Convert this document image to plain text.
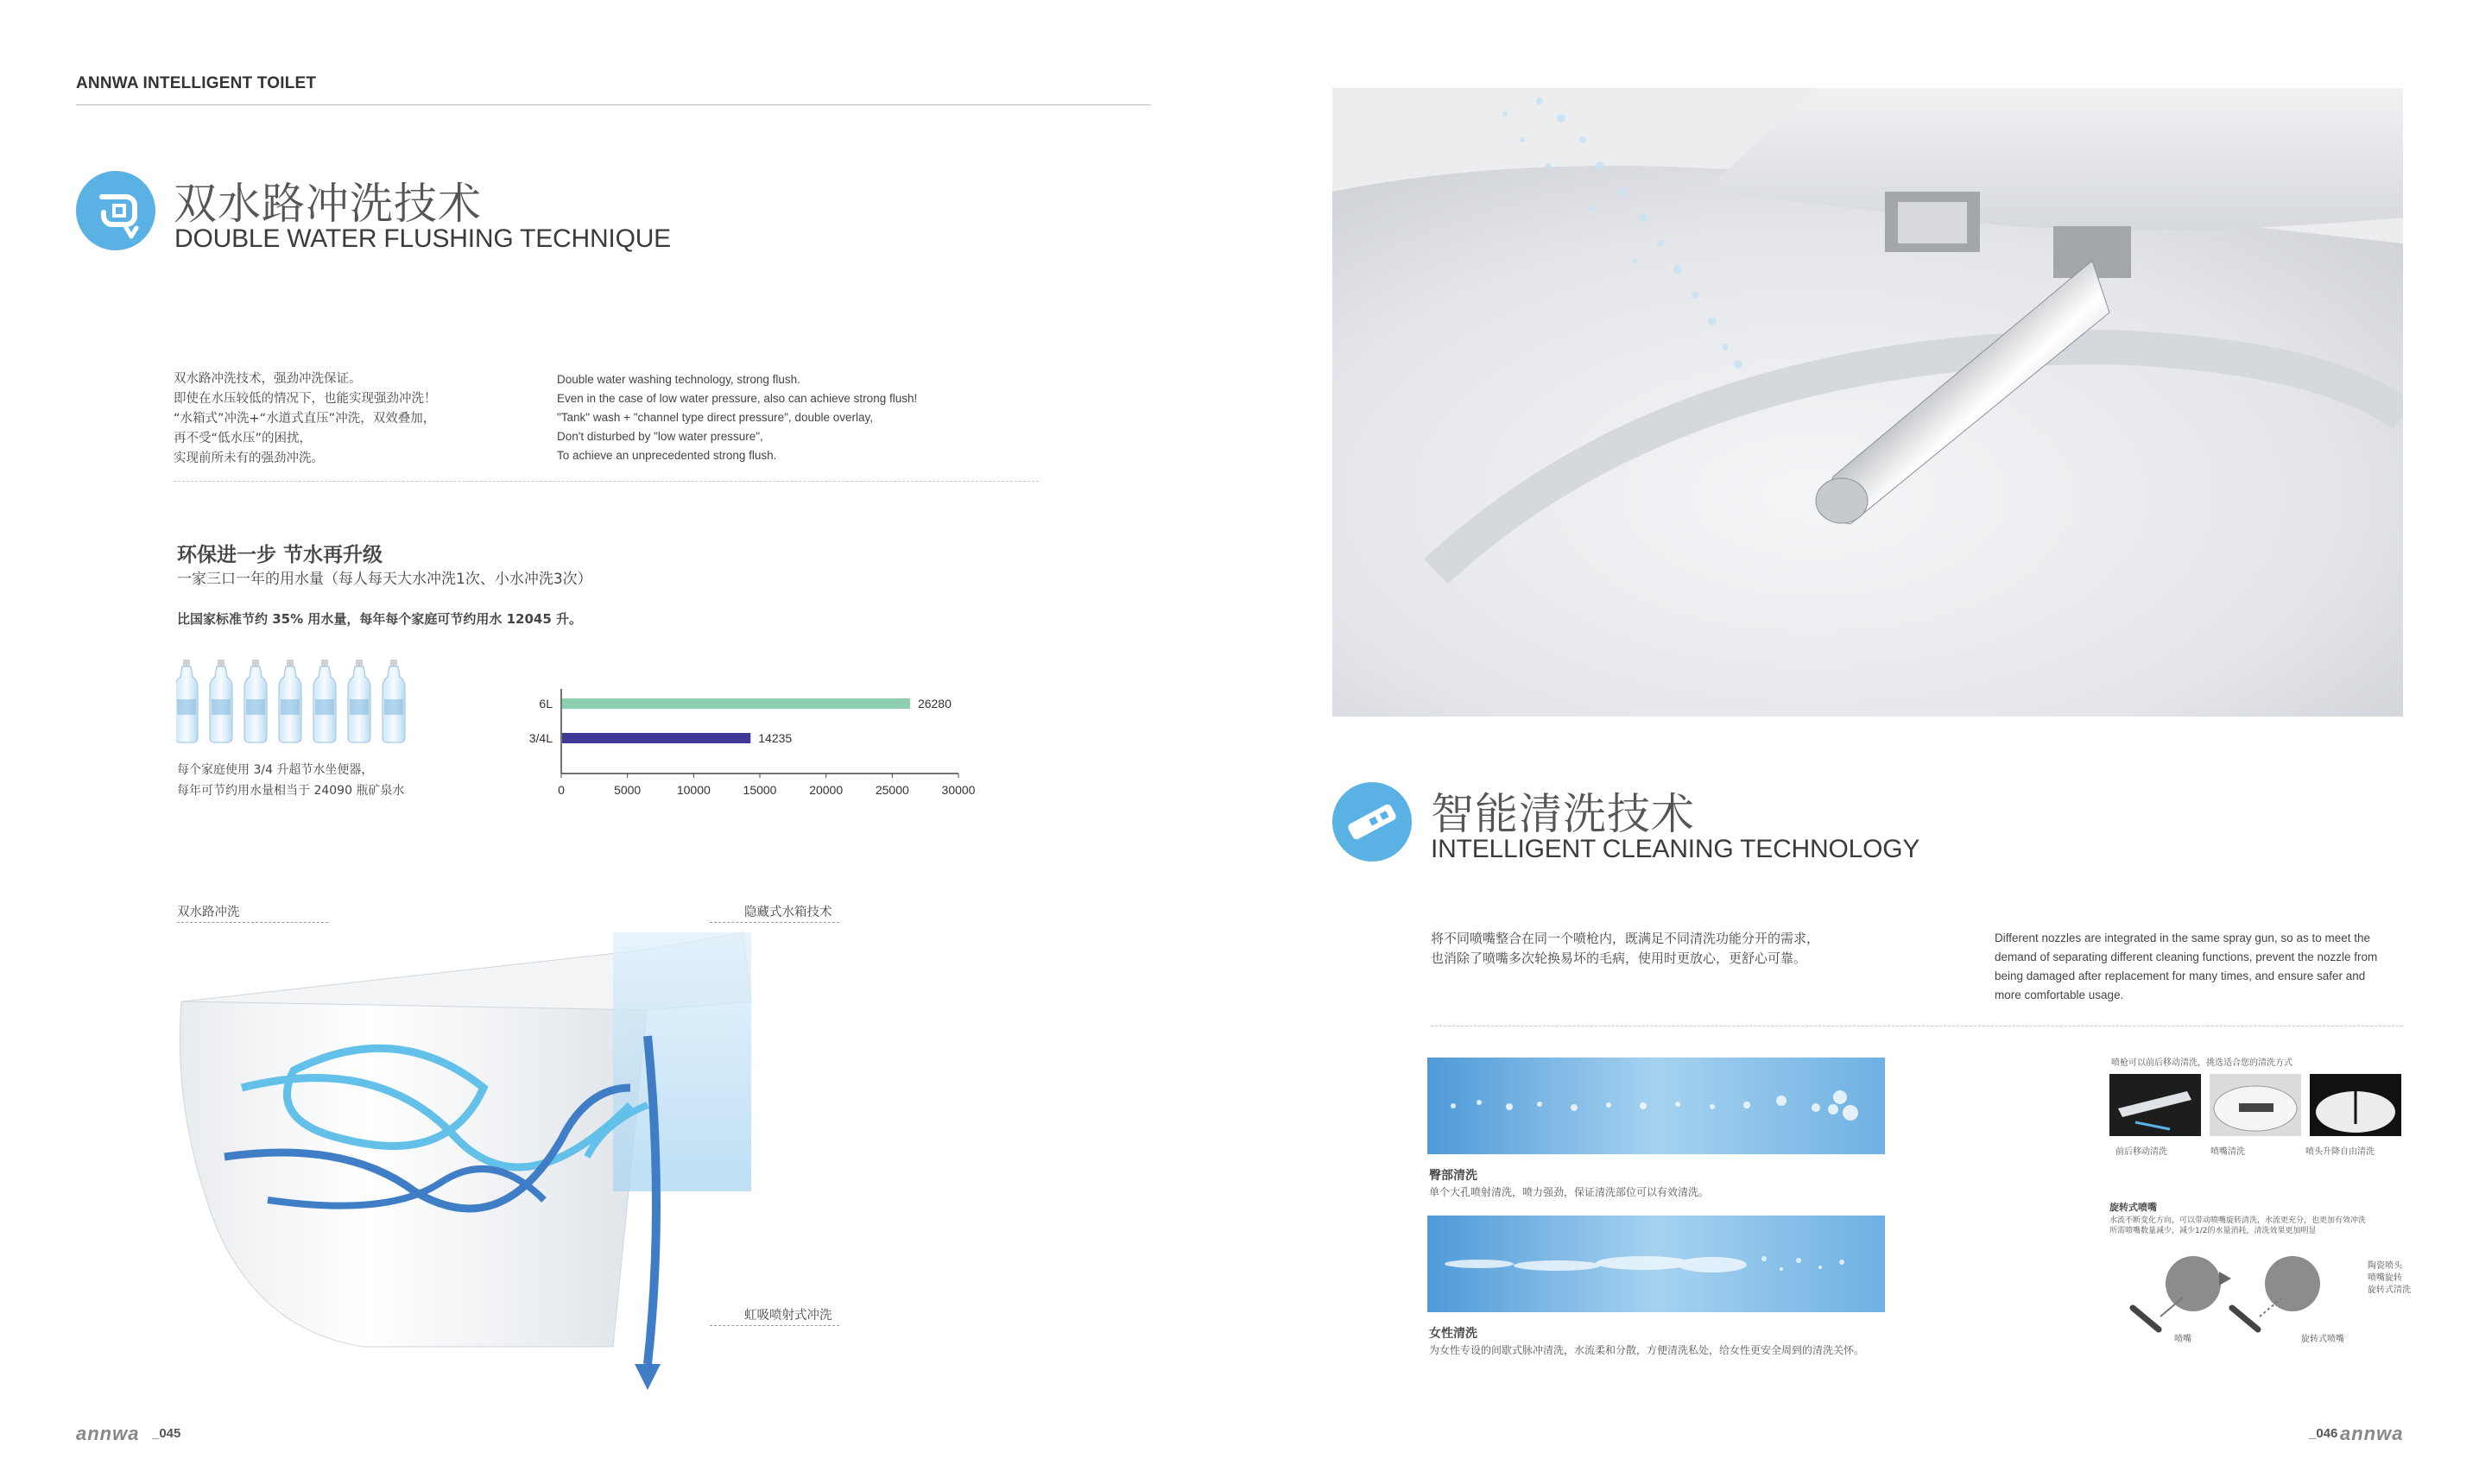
ANNWA INTELLIGENT TOILET
双水路冲洗技术
DOUBLE WATER FLUSHING TECHNIQUE
双水路冲洗技术，强劲冲洗保证。
即使在水压较低的情况下，也能实现强劲冲洗！
“水箱式”冲洗+“水道式直压”冲洗，双效叠加，
再不受“低水压”的困扰，
实现前所未有的强劲冲洗。
Double water washing technology, strong flush.
Even in the case of low water pressure, also can achieve strong flush!
"Tank" wash + "channel type direct pressure", double overlay,
Don't disturbed by "low water pressure",
To achieve an unprecedented strong flush.
环保进一步 节水再升级
一家三口一年的用水量（每人每天大水冲洗1次、小水冲洗3次）
比国家标准节约 35% 用水量，每年每个家庭可节约用水 12045 升。
每个家庭使用 3/4 升超节水坐便器，
每年可节约用水量相当于 24090 瓶矿泉水
6L	26280
3/4L	14235
0	5000	10000	15000	20000	25000	30000
双水路冲洗	隐藏式水箱技术
虹吸喷射式冲洗
annwa _045
智能清洗技术
INTELLIGENT CLEANING TECHNOLOGY
将不同喷嘴整合在同一个喷枪内，既满足不同清洗功能分开的需求，
也消除了喷嘴多次轮换易坏的毛病，使用时更放心，更舒心可靠。
Different nozzles are integrated in the same spray gun, so as to meet the
demand of separating different cleaning functions, prevent the nozzle from
being damaged after replacement for many times, and ensure safer and
more comfortable usage.
臀部清洗
单个大孔喷射清洗，喷力强劲，保证清洗部位可以有效清洗。
女性清洗
为女性专设的间歇式脉冲清洗，水流柔和分散，方便清洗私处，给女性更安全周到的清洗关怀。
喷枪可以前后移动清洗，挑选适合您的清洗方式
前后移动清洗	喷嘴清洗	喷头升降自由清洗
旋转式喷嘴
水流不断变化方向，可以带动喷嘴旋转清洗，水流更充分，也更加有效冲洗
所需喷嘴数量减少，减少1/2的水量消耗，清洗效果更加明显
陶瓷喷头
喷嘴旋转
旋转式清洗
喷嘴	旋转式喷嘴
_046 annwa
